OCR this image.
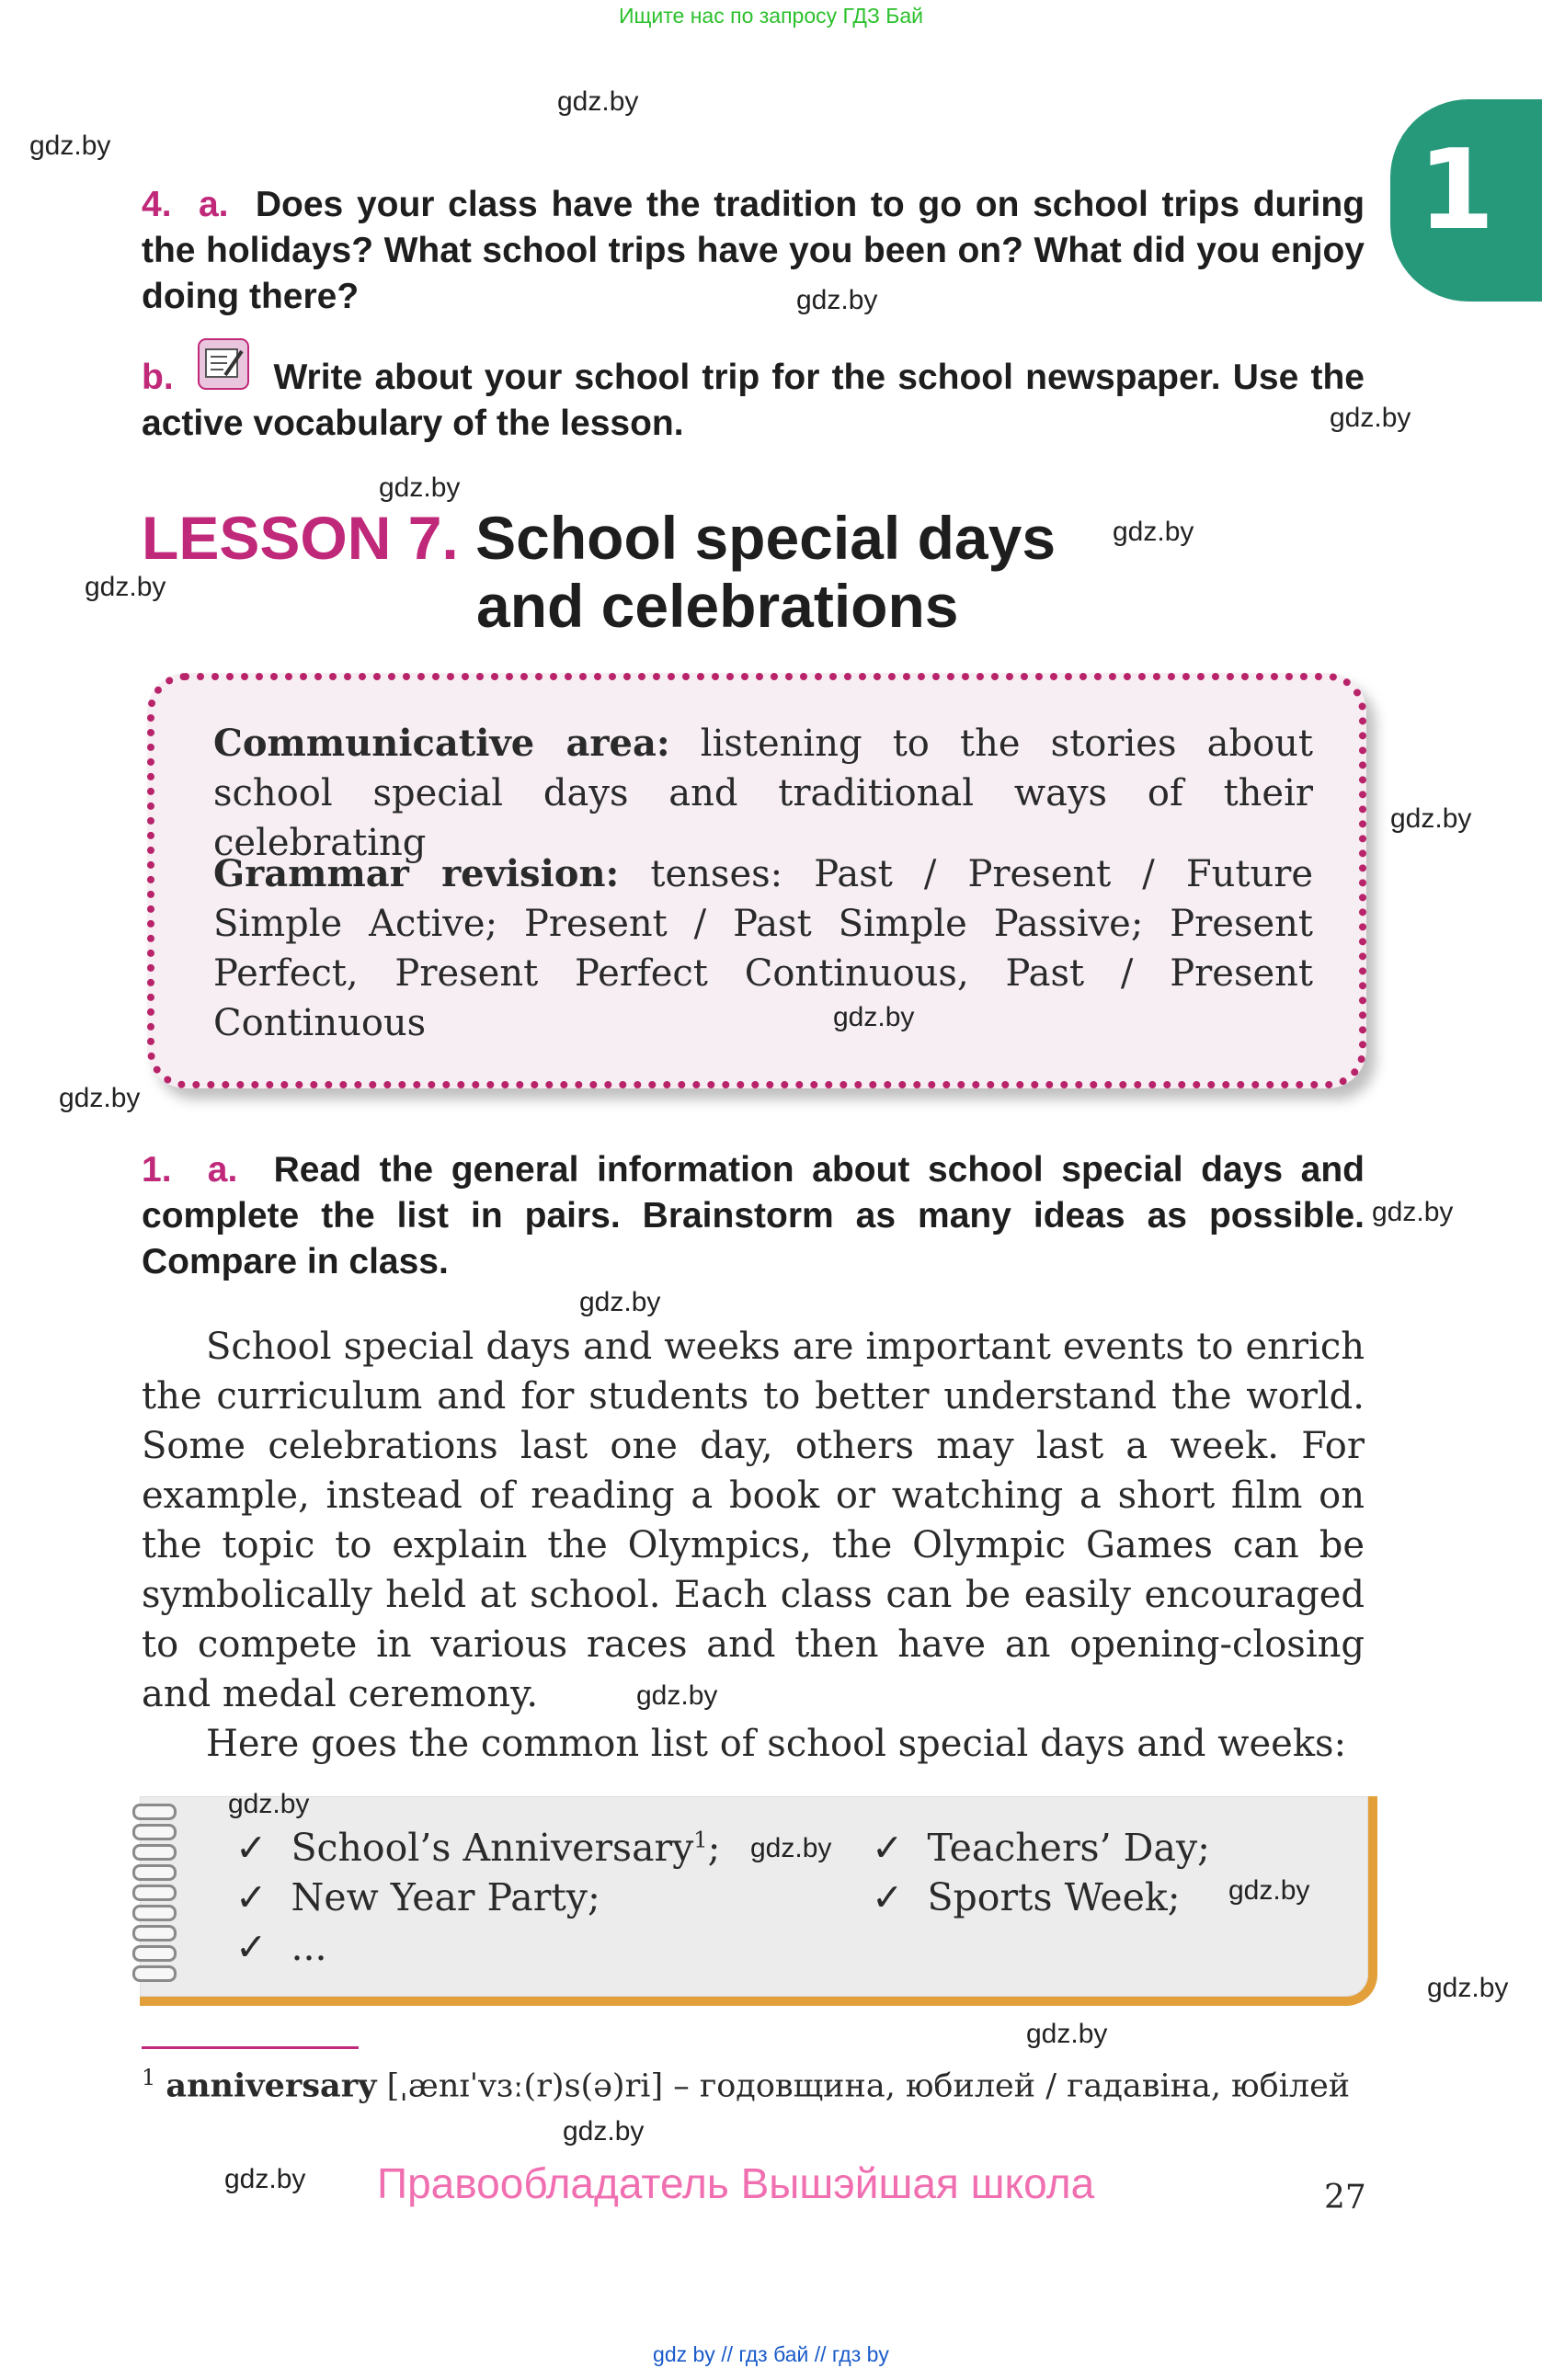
Ищите нас по запросу ГДЗ Бай
1
4. a. Does your class have the tradition to go on school trips during the holidays? What school trips have you been on? What did you enjoy doing there?
b.	Write about your school trip for the school newspaper. Use the active vocabulary of the lesson.
LESSON 7. School special days
and celebrations

Communicative area: listening to the stories about school special days and traditional ways of their celebrating

Grammar revision: tenses: Past / Present / Future Simple Active; Present / Past Simple Passive; Present Perfect, Present Perfect Continuous, Past / Present Continuous

1. a. Read the general information about school special days and complete the list in pairs. Brainstorm as many ideas as possible. Compare in class.
School special days and weeks are important events to enrich the curriculum and for students to better understand the world. Some celebrations last one day, others may last a week. For example, instead of reading a book or watching a short film on the topic to explain the Olympics, the Olympic Games can be symbolically held at school. Each class can be easily encouraged to compete in various races and then have an opening-closing and medal ceremony.
Here goes the common list of school special days and weeks:
✓ School’s Anniversary$^1$;
✓ New Year Party;
✓ ...
✓ Teachers’ Day;
✓ Sports Week;
$^1$ anniversary [ˌænɪˈvɜː(r)s(ə)ri] – годовщина, юбилей / гадавіна, юбілей
Правообладатель Вышэйшая школа	27
gdz.by
gdz.by
gdz.by
gdz.by
gdz.by
gdz.by
gdz.by
gdz.by
gdz.by
gdz.by
gdz.by
gdz.by
gdz.by
gdz.by
gdz.by
gdz.by
gdz.by
gdz.by
gdz.by
gdz.by
gdz by // гдз бай // гдз by
